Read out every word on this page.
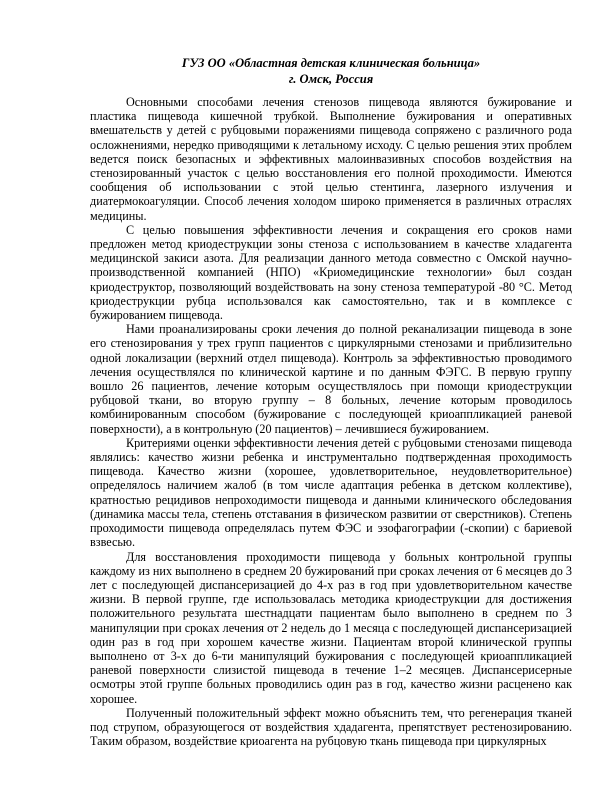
ГУЗ ОО «Областная детская клиническая больница»
г. Омск, Россия

Основными способами лечения стенозов пищевода являются бужирование и пластика пищевода кишечной трубкой. Выполнение бужирования и оперативных вмешательств у детей с рубцовыми поражениями пищевода сопряжено с различного рода осложнениями, нередко приводящими к летальному исходу. С целью решения этих проблем ведется поиск безопасных и эффективных малоинвазивных способов воздействия на стенозированный участок с целью восстановления его полной проходимости. Имеются сообщения об использовании с этой целью стентинга, лазерного излучения и диатермокоагуляции. Способ лечения холодом широко применяется в различных отраслях медицины.

С целью повышения эффективности лечения и сокращения его сроков нами предложен метод криодеструкции зоны стеноза с использованием в качестве хладагента медицинской закиси азота. Для реализации данного метода совместно с Омской научно-производственной компанией (НПО) «Криомедицинские технологии» был создан криодеструктор, позволяющий воздействовать на зону стеноза температурой -80 °С. Метод криодеструкции рубца использовался как самостоятельно, так и в комплексе с бужированием пищевода.

Нами проанализированы сроки лечения до полной реканализации пищевода в зоне его стенозирования у трех групп пациентов с циркулярными стенозами и приблизительно одной локализации (верхний отдел пищевода). Контроль за эффективностью проводимого лечения осуществлялся по клинической картине и по данным ФЭГС. В первую группу вошло 26 пациентов, лечение которым осуществлялось при помощи криодеструкции рубцовой ткани, во вторую группу – 8 больных, лечение которым проводилось комбинированным способом (бужирование с последующей криоаппликацией раневой поверхности), а в контрольную (20 пациентов) – лечившиеся бужированием.

Критериями оценки эффективности лечения детей с рубцовыми стенозами пищевода являлись: качество жизни ребенка и инструментально подтвержденная проходимость пищевода. Качество жизни (хорошее, удовлетворительное, неудовлетворительное) определялось наличием жалоб (в том числе адаптация ребенка в детском коллективе), кратностью рецидивов непроходимости пищевода и данными клинического обследования (динамика массы тела, степень отставания в физическом развитии от сверстников). Степень проходимости пищевода определялась путем ФЭС и эзофагографии (-скопии) с бариевой взвесью.

Для восстановления проходимости пищевода у больных контрольной группы каждому из них выполнено в среднем 20 бужирований при сроках лечения от 6 месяцев до 3 лет с последующей диспансеризацией до 4-х раз в год при удовлетворительном качестве жизни. В первой группе, где использовалась методика криодеструкции для достижения положительного результата шестнадцати пациентам было выполнено в среднем по 3 манипуляции при сроках лечения от 2 недель до 1 месяца с последующей диспансеризацией один раз в год при хорошем качестве жизни. Пациентам второй клинической группы выполнено от 3-х до 6-ти манипуляций бужирования с последующей криоаппликацией раневой поверхности слизистой пищевода в течение 1–2 месяцев. Диспансерисерные осмотры этой группе больных проводились один раз в год, качество жизни расценено как хорошее.

Полученный положительный эффект можно объяснить тем, что регенерация тканей под струпом, образующегося от воздействия хдадагента, препятствует рестенозированию. Таким образом, воздействие криоагента на рубцовую ткань пищевода при циркулярных
